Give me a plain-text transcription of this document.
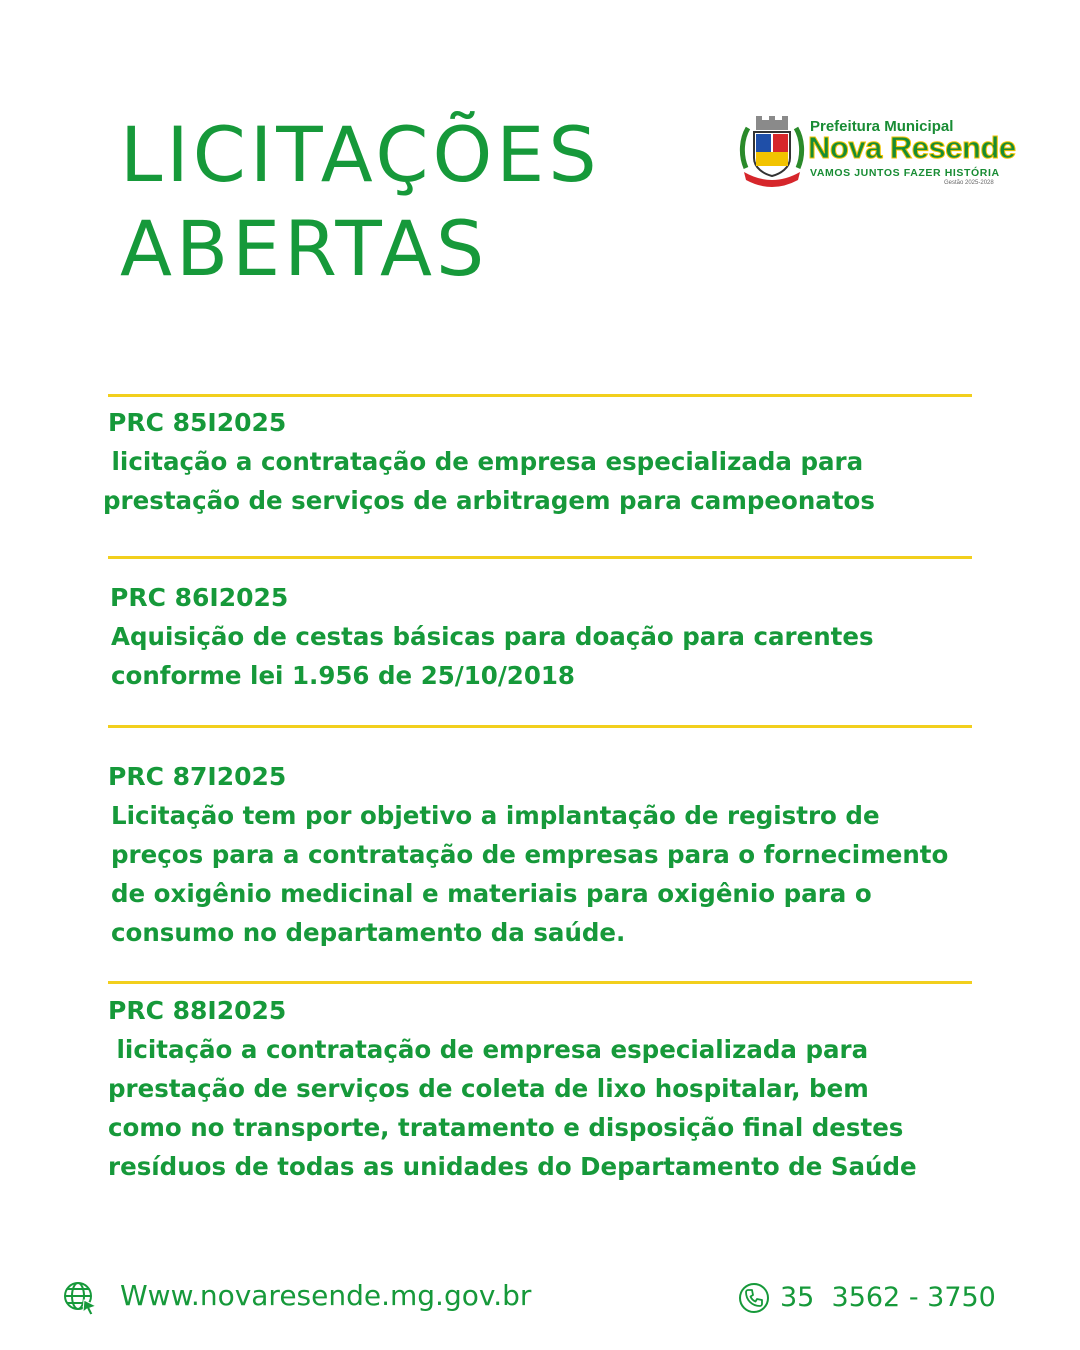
LICITAÇÕES
ABERTAS
Prefeitura Municipal
Nova Resende
VAMOS JUNTOS FAZER HISTÓRIA
Gestão 2025-2028
PRC 85I2025
licitação a contratação de empresa especializada para
prestação de serviços de arbitragem para campeonatos
PRC 86I2025
Aquisição de cestas básicas para doação para carentes
conforme lei 1.956 de 25/10/2018
PRC 87I2025
Licitação tem por objetivo a implantação de registro de
preços para a contratação de empresas para o fornecimento
de oxigênio medicinal e materiais para oxigênio para o
consumo no departamento da saúde.
PRC 88I2025
licitação a contratação de empresa especializada para
prestação de serviços de coleta de lixo hospitalar, bem
como no transporte, tratamento e disposição final destes
resíduos de todas as unidades do Departamento de Saúde
Www.novaresende.mg.gov.br	35  3562 - 3750
